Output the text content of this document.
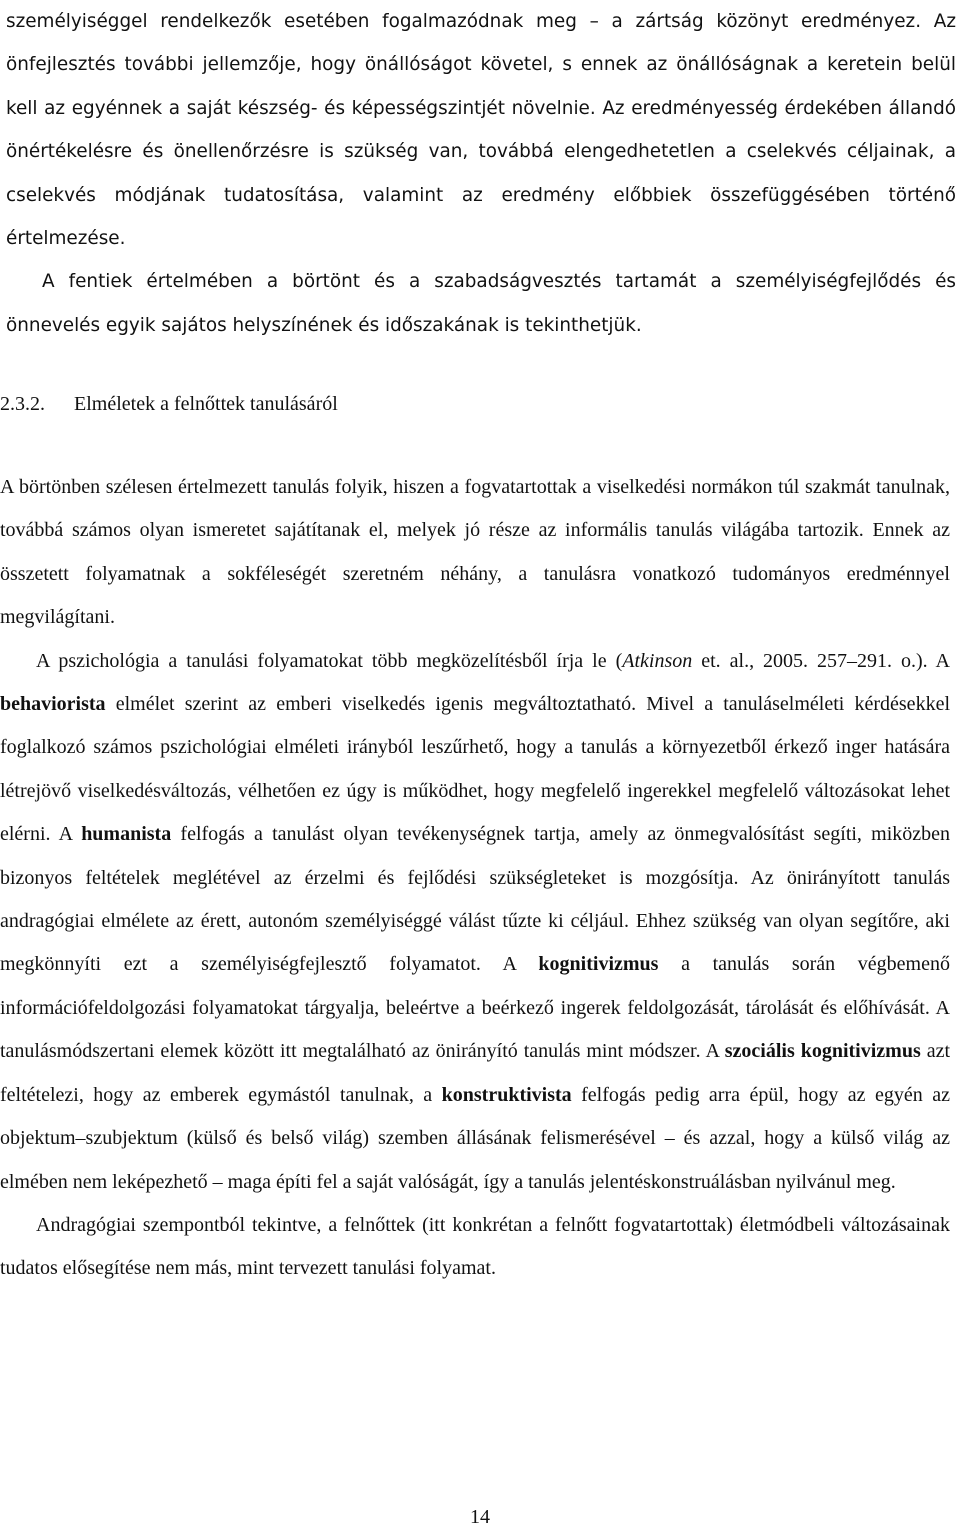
személyiséggel rendelkezők esetében fogalmazódnak meg – a zártság közönyt eredményez. Az önfejlesztés további jellemzője, hogy önállóságot követel, s ennek az önállóságnak a keretein belül kell az egyénnek a saját készség- és képességszintjét növelnie. Az eredményesség érdekében állandó önértékelésre és önellenőrzésre is szükség van, továbbá elengedhetetlen a cselekvés céljainak, a cselekvés módjának tudatosítása, valamint az eredmény előbbiek összefüggésében történő értelmezése.

A fentiek értelmében a börtönt és a szabadságvesztés tartamát a személyiségfejlődés és önnevelés egyik sajátos helyszínének és időszakának is tekinthetjük.

2.3.2. Elméletek a felnőttek tanulásáról

A börtönben szélesen értelmezett tanulás folyik, hiszen a fogvatartottak a viselkedési normákon túl szakmát tanulnak, továbbá számos olyan ismeretet sajátítanak el, melyek jó része az informális tanulás világába tartozik. Ennek az összetett folyamatnak a sokféleségét szeretném néhány, a tanulásra vonatkozó tudományos eredménnyel megvilágítani.

A pszichológia a tanulási folyamatokat több megközelítésből írja le (Atkinson et. al., 2005. 257–291. o.). A behaviorista elmélet szerint az emberi viselkedés igenis megváltoztatható. Mivel a tanuláselméleti kérdésekkel foglalkozó számos pszichológiai elméleti irányból leszűrhető, hogy a tanulás a környezetből érkező inger hatására létrejövő viselkedésváltozás, vélhetően ez úgy is működhet, hogy megfelelő ingerekkel megfelelő változásokat lehet elérni. A humanista felfogás a tanulást olyan tevékenységnek tartja, amely az önmegvalósítást segíti, miközben bizonyos feltételek meglétével az érzelmi és fejlődési szükségleteket is mozgósítja. Az önirányított tanulás andragógiai elmélete az érett, autonóm személyiséggé válást tűzte ki céljául. Ehhez szükség van olyan segítőre, aki megkönnyíti ezt a személyiségfejlesztő folyamatot. A kognitivizmus a tanulás során végbemenő információfeldolgozási folyamatokat tárgyalja, beleértve a beérkező ingerek feldolgozását, tárolását és előhívását. A tanulásmódszertani elemek között itt megtalálható az önirányító tanulás mint módszer. A szociális kognitivizmus azt feltételezi, hogy az emberek egymástól tanulnak, a konstruktivista felfogás pedig arra épül, hogy az egyén az objektum–szubjektum (külső és belső világ) szemben állásának felismerésével – és azzal, hogy a külső világ az elmében nem leképezhető – maga építi fel a saját valóságát, így a tanulás jelentéskonstruálásban nyilvánul meg.

Andragógiai szempontból tekintve, a felnőttek (itt konkrétan a felnőtt fogvatartottak) életmódbeli változásainak tudatos elősegítése nem más, mint tervezett tanulási folyamat.

14
